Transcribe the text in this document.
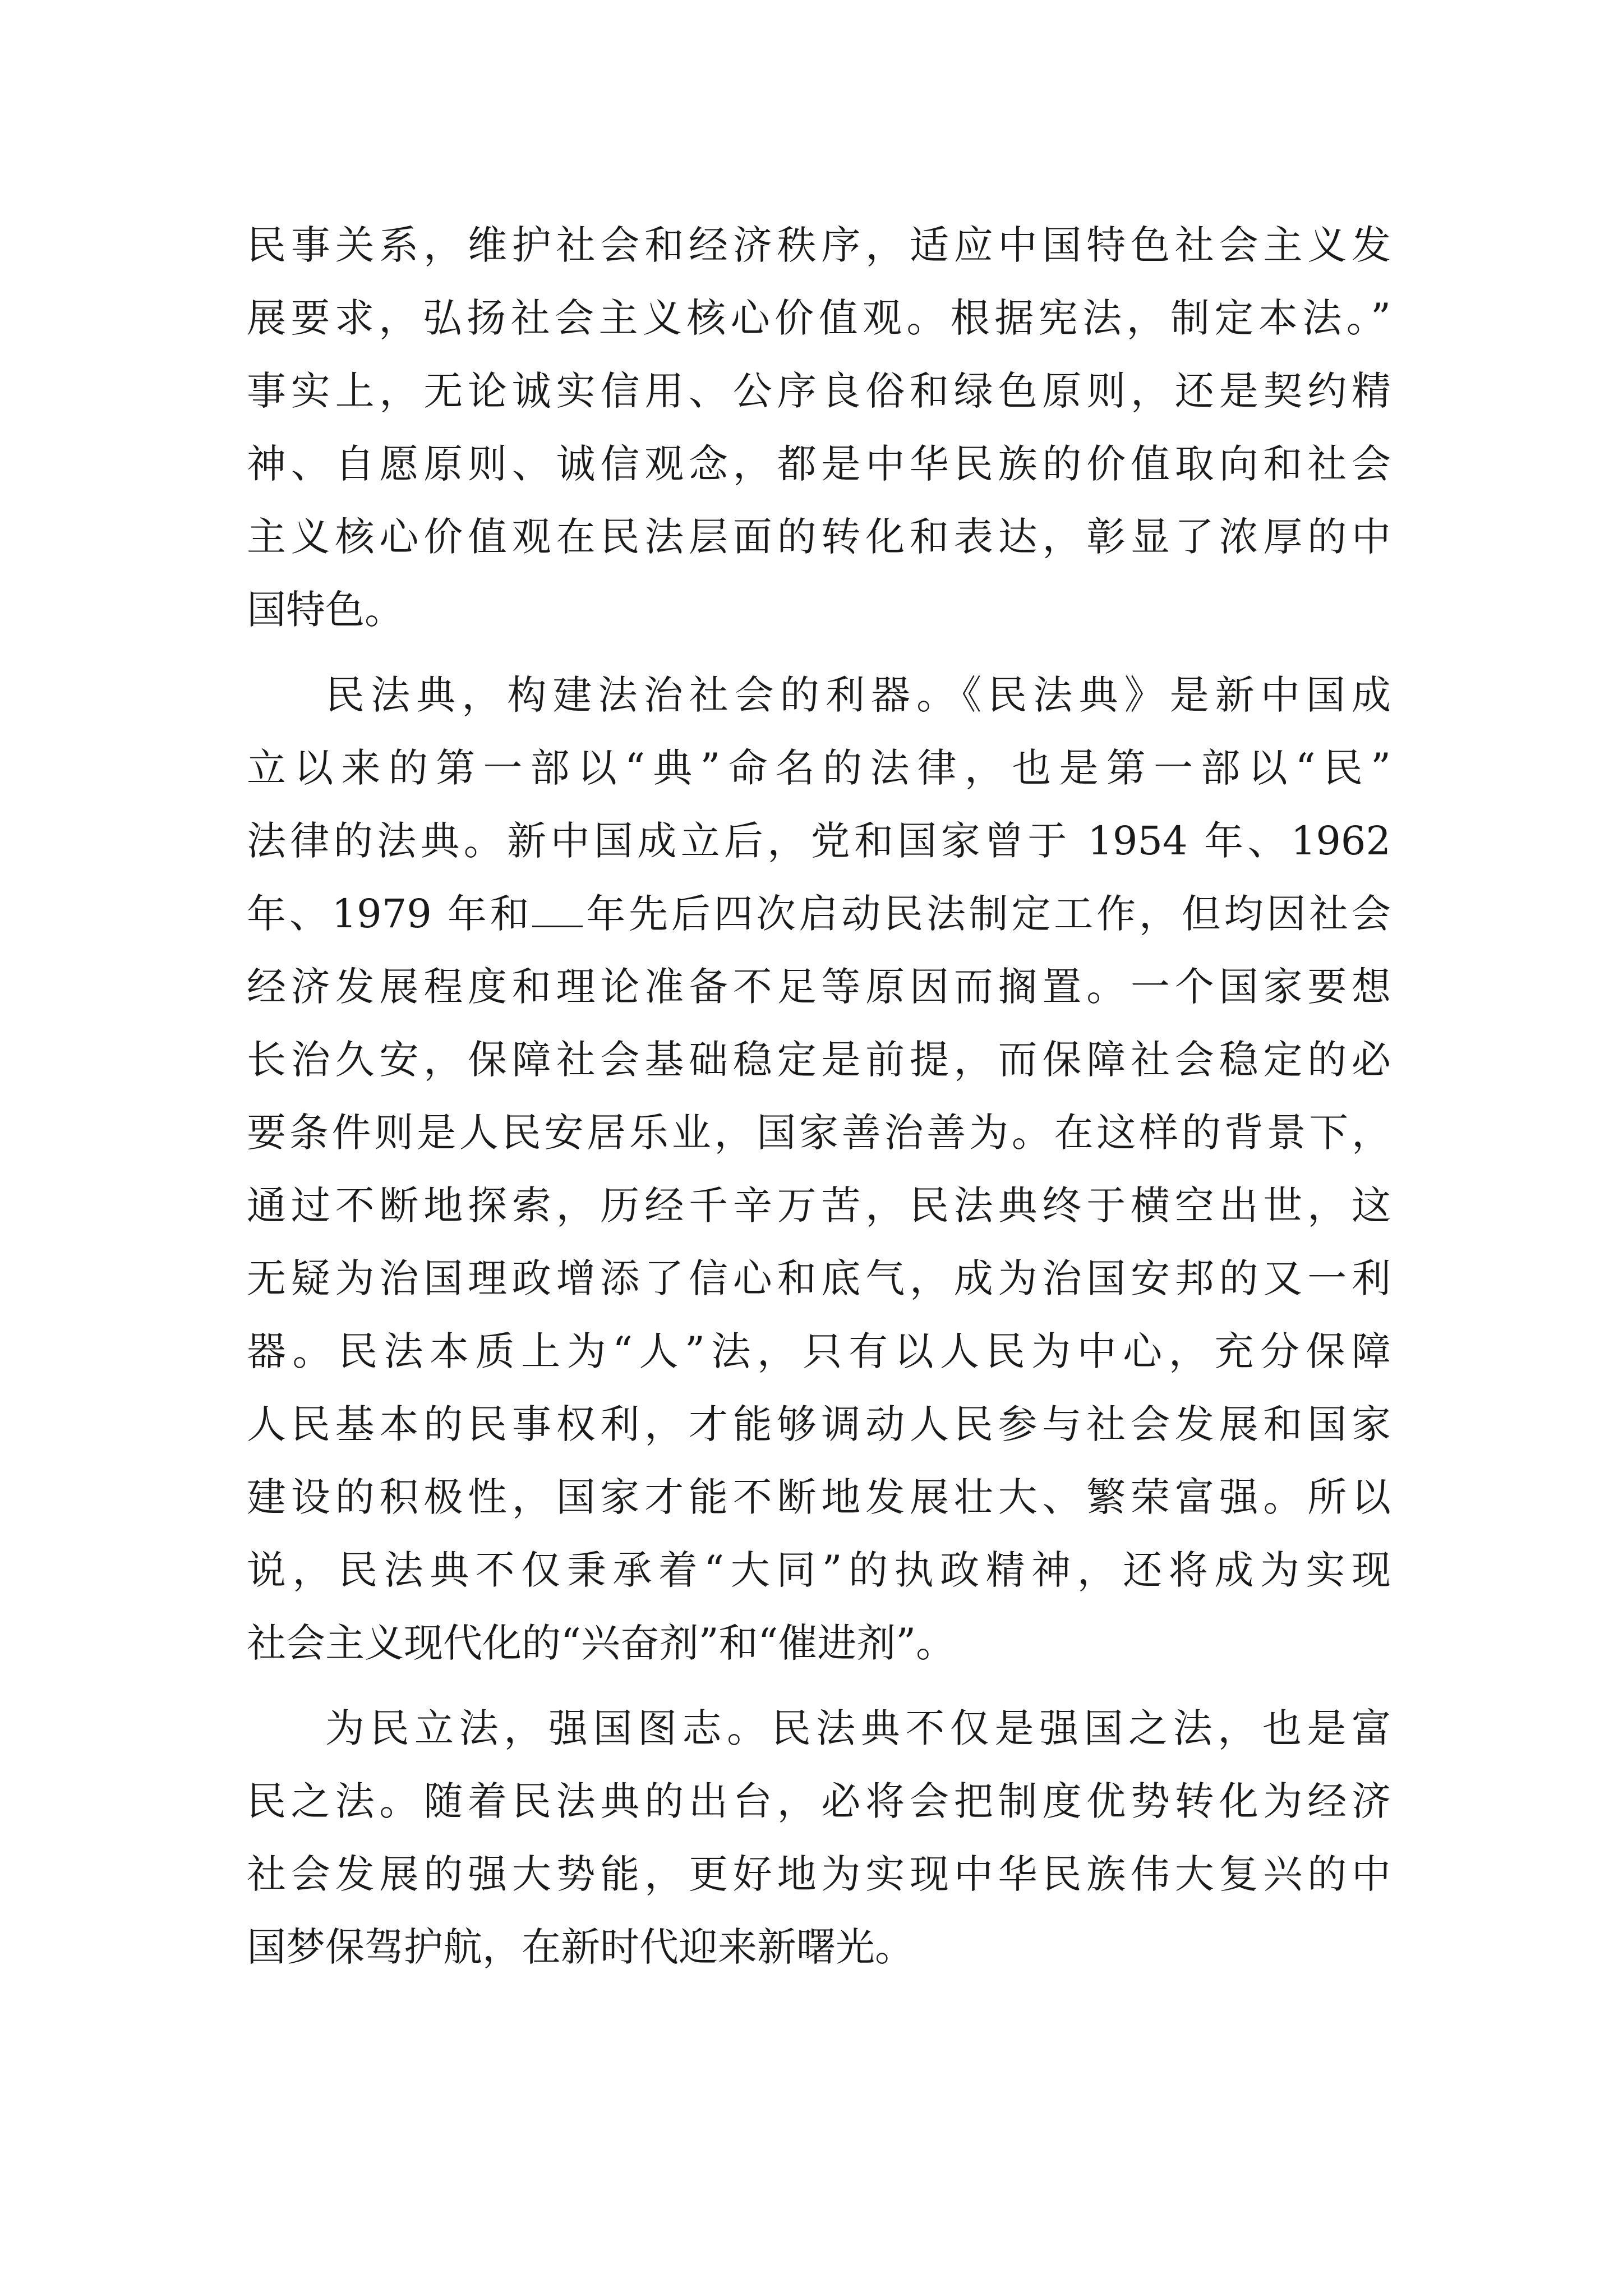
民事关系，维护社会和经济秩序，适应中国特色社会主义发
展要求，弘扬社会主义核心价值观。根据宪法，制定本法。”
事实上，无论诚实信用、公序良俗和绿色原则，还是契约精
神、自愿原则、诚信观念，都是中华民族的价值取向和社会
主义核心价值观在民法层面的转化和表达，彰显了浓厚的中
国特色。
民法典，构建法治社会的利器。《民法典》是新中国成
立以来的第一部以“典”命名的法律，也是第一部以“民”
法律的法典。新中国成立后，党和国家曾于 1954 年、1962
年、1979 年和 年先后四次启动民法制定工作，但均因社会
经济发展程度和理论准备不足等原因而搁置。一个国家要想
长治久安，保障社会基础稳定是前提，而保障社会稳定的必
要条件则是人民安居乐业，国家善治善为。在这样的背景下，
通过不断地探索，历经千辛万苦，民法典终于横空出世，这
无疑为治国理政增添了信心和底气，成为治国安邦的又一利
器。民法本质上为“人”法，只有以人民为中心，充分保障
人民基本的民事权利，才能够调动人民参与社会发展和国家
建设的积极性，国家才能不断地发展壮大、繁荣富强。所以
说，民法典不仅秉承着“大同”的执政精神，还将成为实现
社会主义现代化的“兴奋剂”和“催进剂”。
为民立法，强国图志。民法典不仅是强国之法，也是富
民之法。随着民法典的出台，必将会把制度优势转化为经济
社会发展的强大势能，更好地为实现中华民族伟大复兴的中
国梦保驾护航，在新时代迎来新曙光。
